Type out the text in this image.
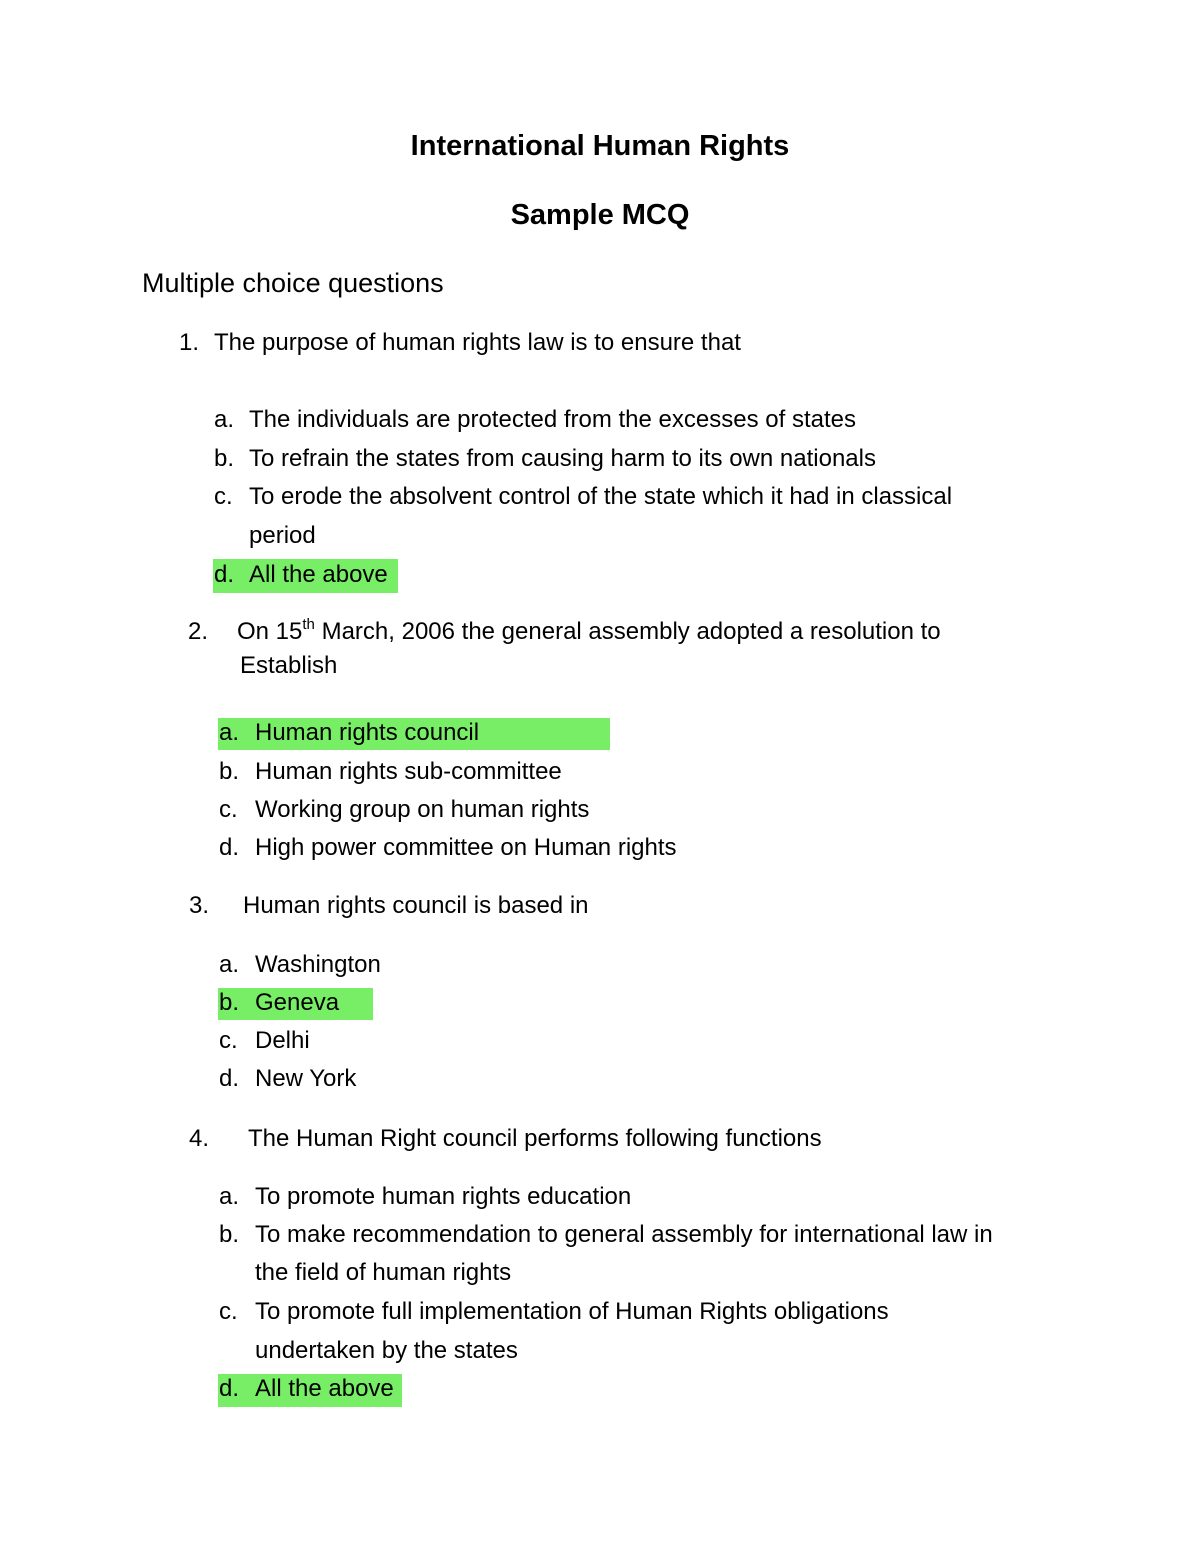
International Human Rights
Sample MCQ
Multiple choice questions
1. The purpose of human rights law is to ensure that
a. The individuals are protected from the excesses of states
b. To refrain the states from causing harm to its own nationals
c. To erode the absolvent control of the state which it had in classical
period
d. All the above
2. On 15th March, 2006 the general assembly adopted a resolution to
Establish
a. Human rights council
b. Human rights sub-committee
c. Working group on human rights
d. High power committee on Human rights
3. Human rights council is based in
a. Washington
b. Geneva
c. Delhi
d. New York
4. The Human Right council performs following functions
a. To promote human rights education
b. To make recommendation to general assembly for international law in
the field of human rights
c. To promote full implementation of Human Rights obligations
undertaken by the states
d. All the above
